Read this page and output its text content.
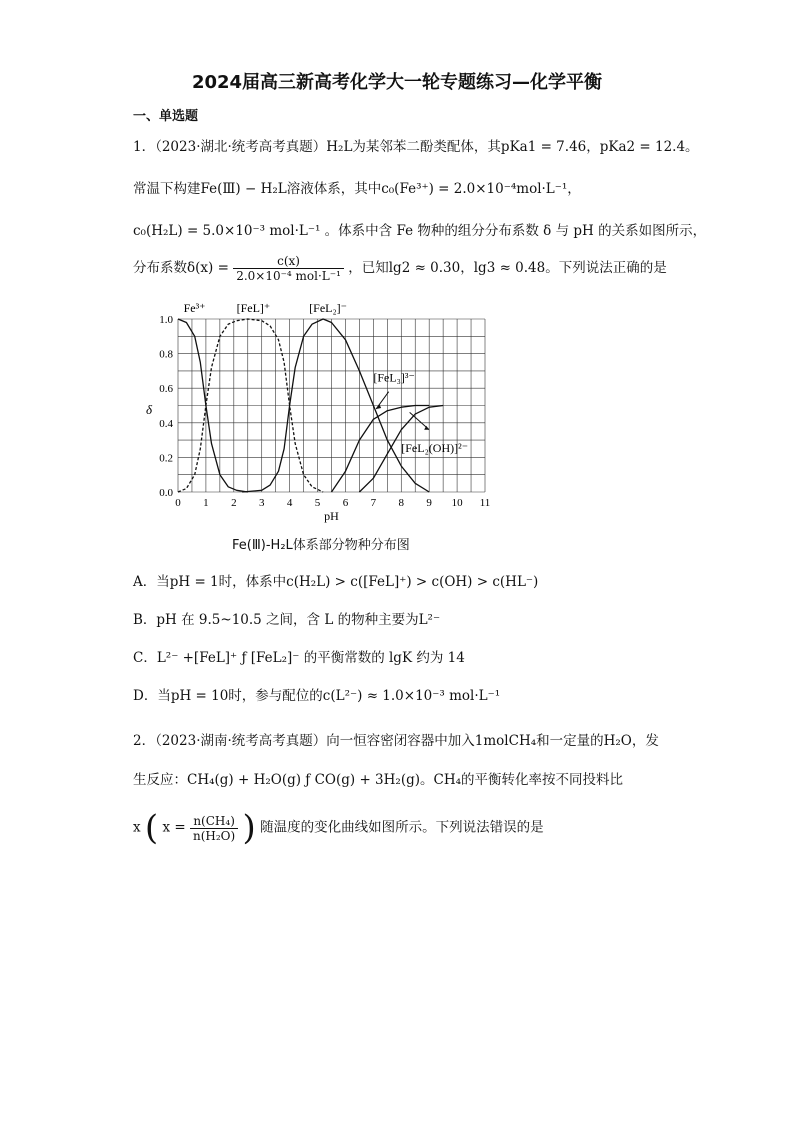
2024届高三新高考化学大一轮专题练习—化学平衡
一、单选题
1．（2023·湖北·统考高考真题）H₂L为某邻苯二酚类配体，其pKa1 = 7.46，pKa2 = 12.4。
常温下构建Fe(Ⅲ) − H₂L溶液体系，其中c₀(Fe³⁺) = 2.0×10⁻⁴mol·L⁻¹，
c₀(H₂L) = 5.0×10⁻³ mol·L⁻¹ 。体系中含 Fe 物种的组分分布系数 δ 与 pH 的关系如图所示，
分布系数$\delta(x) = \frac{c(x)}{\text{2.0×10⁻⁴ mol·L⁻¹}}$ ，已知lg2 ≈ 0.30，lg3 ≈ 0.48。下列说法正确的是
0 1 2 3 4 5 6 7 8 9 10 11
0.0
0.2
0.4
0.6
0.8
1.0
pH
δ
Fe³⁺	[FeL]⁺	[FeL₂]⁻
[FeL₃]³⁻
[FeL₂(OH)]²⁻
Fe(Ⅲ)-H₂L体系部分物种分布图
A．当pH = 1时，体系中c(H₂L) > c([FeL]⁺) > c(OH) > c(HL⁻)
B．pH 在 9.5~10.5 之间，含 L 的物种主要为L²⁻
C．L²⁻ +[FeL]⁺ ƒ [FeL₂]⁻ 的平衡常数的 lgK 约为 14
D．当pH = 10时，参与配位的c(L²⁻) ≈ 1.0×10⁻³ mol·L⁻¹
2．（2023·湖南·统考高考真题）向一恒容密闭容器中加入1molCH₄和一定量的H₂O，发
生反应：CH₄(g) + H₂O(g) ƒ CO(g) + 3H₂(g)。CH₄的平衡转化率按不同投料比
x ( $x = \frac{\text{n(CH₄)}}{\text{n(H₂O)}}$ ) 随温度的变化曲线如图所示。下列说法错误的是
